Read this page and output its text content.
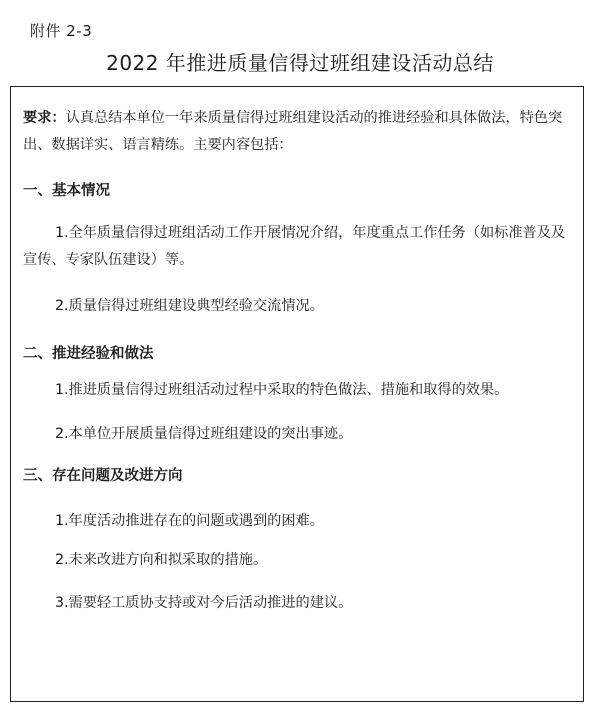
附件 2-3
2022 年推进质量信得过班组建设活动总结

要求：认真总结本单位一年来质量信得过班组建设活动的推进经验和具体做法，特色突出、数据详实、语言精练。主要内容包括：

一、基本情况

1.全年质量信得过班组活动工作开展情况介绍，年度重点工作任务（如标准普及及宣传、专家队伍建设）等。

2.质量信得过班组建设典型经验交流情况。

二、推进经验和做法

1.推进质量信得过班组活动过程中采取的特色做法、措施和取得的效果。

2.本单位开展质量信得过班组建设的突出事迹。

三、存在问题及改进方向

1.年度活动推进存在的问题或遇到的困难。

2.未来改进方向和拟采取的措施。

3.需要轻工质协支持或对今后活动推进的建议。
